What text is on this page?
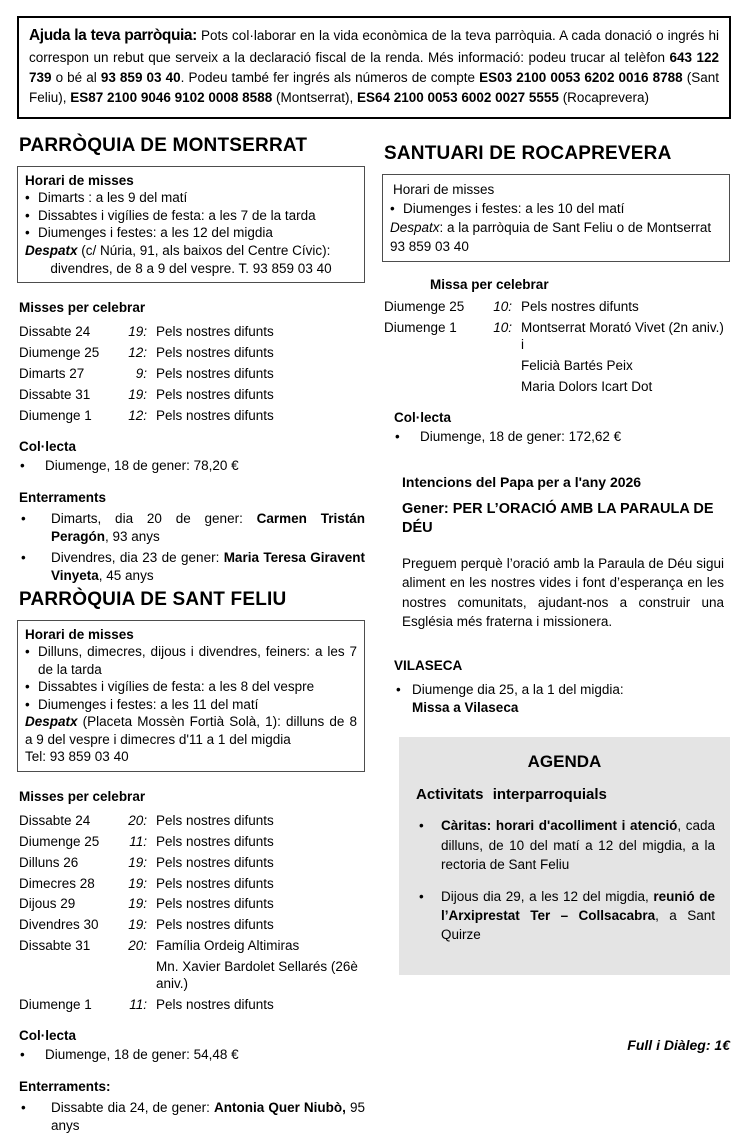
Ajuda la teva parròquia: Pots col·laborar en la vida econòmica de la teva parròquia. A cada donació o ingrés hi correspon un rebut que serveix a la declaració fiscal de la renda. Més informació: podeu trucar al telèfon 643 122 739 o bé al 93 859 03 40. Podeu també fer ingrés als números de compte ES03 2100 0053 6202 0016 8788 (Sant Feliu), ES87 2100 9046 9102 0008 8588 (Montserrat), ES64 2100 0053 6002 0027 5555 (Rocaprevera)
PARRÒQUIA DE MONTSERRAT
Horari de misses
• Dimarts : a les 9 del matí
• Dissabtes i vigílies de festa: a les 7 de la tarda
• Diumenges i festes: a les 12 del migdia
Despatx (c/ Núria, 91, als baixos del Centre Cívic):
divendres, de 8 a 9 del vespre. T. 93 859 03 40
Misses per celebrar
Dissabte 24	19: Pels nostres difunts
Diumenge 25	12: Pels nostres difunts
Dimarts 27	9: Pels nostres difunts
Dissabte 31	19: Pels nostres difunts
Diumenge 1	12: Pels nostres difunts
Col·lecta
•	Diumenge, 18 de gener: 78,20 €
Enterraments
•	Dimarts, dia 20 de gener: Carmen Tristán Peragón, 93 anys
•	Divendres, dia 23 de gener: Maria Teresa Giravent Vinyeta, 45 anys
PARRÒQUIA DE SANT FELIU
Horari de misses
• Dilluns, dimecres, dijous i divendres, feiners: a les 7 de la tarda
• Dissabtes i vigílies de festa: a les 8 del vespre
• Diumenges i festes: a les 11 del matí
Despatx (Placeta Mossèn Fortià Solà, 1): dilluns de 8 a 9 del vespre i dimecres d'11 a 1 del migdia
Tel: 93 859 03 40
Misses per celebrar
Dissabte 24	20: Pels nostres difunts
Diumenge 25	11: Pels nostres difunts
Dilluns 26	19: Pels nostres difunts
Dimecres 28	19: Pels nostres difunts
Dijous 29	19: Pels nostres difunts
Divendres 30	19: Pels nostres difunts
Dissabte 31	20: Família Ordeig Altimiras
Mn. Xavier Bardolet Sellarés (26è aniv.)
Diumenge 1	11: Pels nostres difunts
Col·lecta
•	Diumenge, 18 de gener: 54,48 €
Enterraments:
•	Dissabte dia 24, de gener: Antonia Quer Niubò, 95 anys
SANTUARI DE ROCAPREVERA
Horari de misses
• Diumenges i festes: a les 10 del matí
Despatx: a la parròquia de Sant Feliu o de Montserrat
93 859 03 40
Missa per celebrar
Diumenge 25	10: Pels nostres difunts
Diumenge 1	10: Montserrat Morató Vivet (2n aniv.) i
Felicià Bartés Peix
Maria Dolors Icart Dot
Col·lecta
•	Diumenge, 18 de gener: 172,62 €
Intencions del Papa per a l'any 2026
Gener: PER L’ORACIÓ AMB LA PARAULA DE DÉU
Preguem perquè l’oració amb la Paraula de Déu sigui aliment en les nostres vides i font d’esperança en les nostres comunitats, ajudant-nos a construir una Església més fraterna i missionera.
VILASECA
• Diumenge dia 25, a la 1 del migdia:
Missa a Vilaseca
AGENDA
Activitats interparroquials
•	Càritas: horari d'acolliment i atenció, cada dilluns, de 10 del matí a 12 del migdia, a la rectoria de Sant Feliu
•	Dijous dia 29, a les 12 del migdia, reunió de l’Arxiprestat Ter – Collsacabra, a Sant Quirze
Full i Diàleg: 1€
